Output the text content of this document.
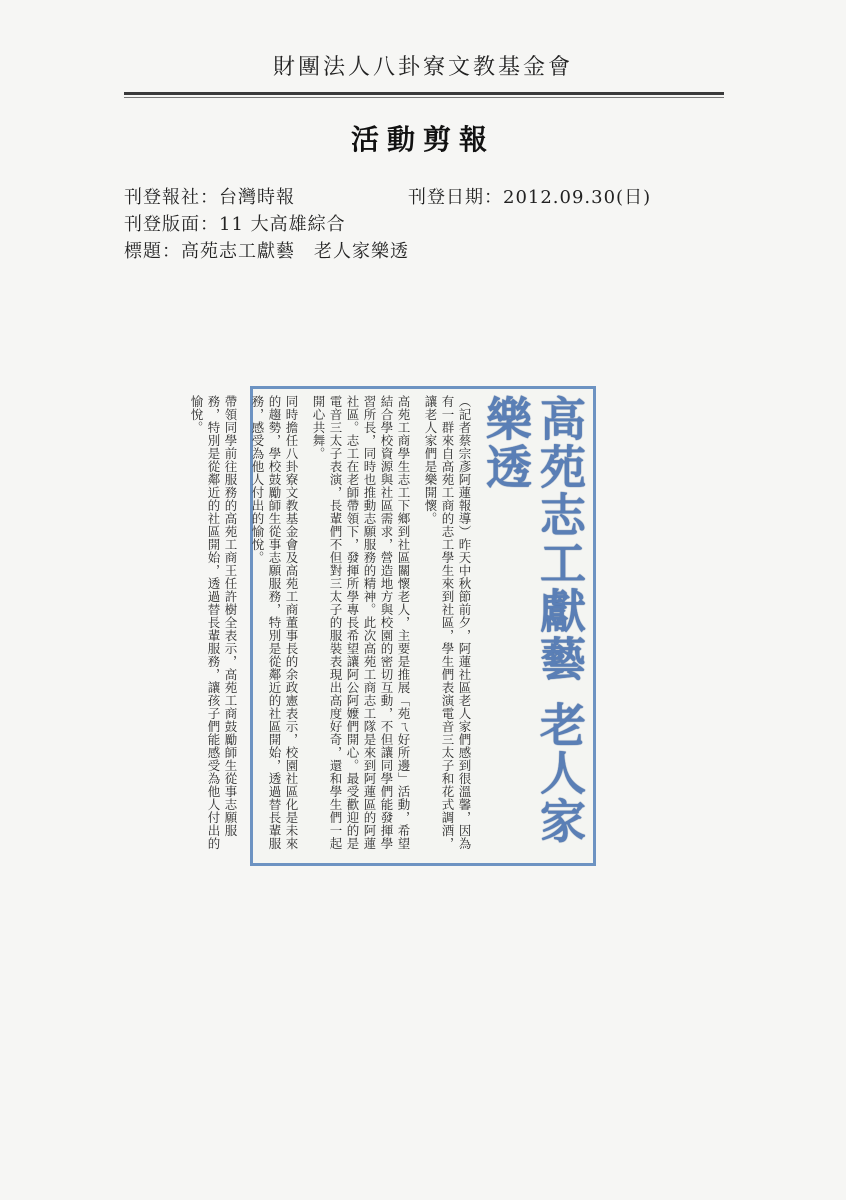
財團法人八卦寮文教基金會
活動剪報
刊登報社：台灣時報	刊登日期：2012.09.30(日)
刊登版面：11 大高雄綜合
標題：高苑志工獻藝　老人家樂透
高苑志工獻藝 老人家樂透

（記者蔡宗彥阿蓮報導）昨天中秋節前夕，阿蓮社區老人家們感到很溫馨，因為有一群來自高苑工商的志工學生來到社區，學生們表演電音三太子和花式調酒，讓老人家們是樂開懷。

高苑工商學生志工下鄉到社區關懷老人，主要是推展「苑ㄟ好所邊」活動，希望結合學校資源與社區需求，營造地方與校園的密切互動，不但讓同學們能發揮學習所長，同時也推動志願服務的精神。此次高苑工商志工隊是來到阿蓮區的阿蓮社區。志工在老師帶領下，發揮所學專長希望讓阿公阿嬤們開心。最受歡迎的是電音三太子表演，長輩們不但對三太子的服裝表現出高度好奇，還和學生們一起開心共舞。

同時擔任八卦寮文教基金會及高苑工商董事長的余政憲表示，校園社區化是未來的趨勢，學校鼓勵師生從事志願服務，特別是從鄰近的社區開始，透過替長輩服務，感受為他人付出的愉悅。

帶領同學前往服務的高苑工商王任許樹全表示，高苑工商鼓勵師生從事志願服務，特別是從鄰近的社區開始，透過替長輩服務，讓孩子們能感受為他人付出的愉悅。
